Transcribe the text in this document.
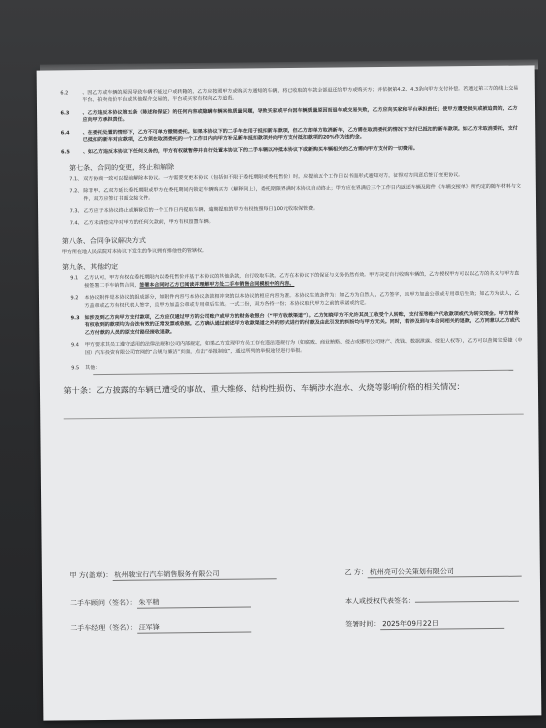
6.2	、因乙方或车辆的原因导致车辆不能过户或转籍的，乙方应按照甲方或购买方通知的车辆，将已收取的车款全部退还给甲方或购买方；并依据第4.2、4.3条向甲方支付补偿。若通过第三方的线上交易平台、拍卖竞价平台或其他媒介交易的，平台或买家有权向乙方追责。
6.3	、乙方违反本协议第五条（陈述和保证）的任何内容或隐瞒车辆其他质量问题，导致买家或平台因车辆质量原因而退车或交易失败，乙方应向买家和平台承担责任；使甲方遭受损失或被追责的，乙方应向甲方承担责任。
6.4	、在委托处置的情形下，乙方不可单方撤销委托。如果本协议下的二手车在用于抵扣新车款项，但乙方却单方取消新车，乙方需在取消委托的情况下支付已抵扣的新车款项。如乙方未取消委托，支付已抵扣的新车对应款项，乙方须在取消委托的一个工作日内向甲方补足新车抵扣款项并向甲方支付抵扣款项的20%作为违约金。
6.5	、如乙方违反本协议下任何义务的，甲方有权就暂停并自行处置本协议下的二手车辆以冲抵本协议下或新购买车辆相关的乙方需向甲方支付的一切费用。
第七条、合同的变更，终止和解除
7.1、 双方协商一致可以提前解除本协议。一方需要变更本协议（包括但不限于委托期限或委托售价）时，应提前五个工作日以书面形式通知对方，征得对方同意后签订变更协议。
7.2、 除非甲、乙双方延长委托期限或甲方在委托期间内锁定车辆购买方（解释同上），委托期限界满时本协议自动终止；甲方应在界满后三个工作日内返还车辆及附件《车辆交接单》所约定的随车材料与文件，双方应签订书面交接文件。
7.3、 乙方应于本协议终止或解除后的一个工作日内提取车辆，逾期提取的甲方有权按照每日100元收取保管费。
7.4、 乙方未清偿完毕对甲方的任何欠款前，甲方有权留置车辆。
第八条、合同争议解决方式
甲方所在地人民法院对本协议下发生的争议拥有排他性的管辖权。
第九条、其他约定
9.1	乙方认可，甲方有权在委托期限内以委托售价并基于本协议的其他条款，自行收取车款，乙方在本协议下的保证与义务仍然有效。甲方决定自行收购车辆的，乙方授权甲方可以以乙方的名义与甲方直接签署二手车销售合同，签署本合同时乙方已阅读并理解甲方处二手车销售合同模板中的内容。
9.2	本协议附件是本协议的组成部分，如附件内容与本协议条款相冲突的以本协议的相应内容为准。本协议生效条件为：如乙方为自然人，乙方签字，且甲方加盖公章或专用章后生效；如乙方为法人，乙方盖章或乙方有权代表人签字，且甲方加盖公章或专用章后生效。一式二份，双方各持一份；本协议取代甲方之前的承诺或约定。
9.3	如涉及到乙方向甲方支付款项，乙方应仅通过甲方的公司账户或甲方的财务收银台（“甲方收款渠道”）。乙方知晓甲方不允许其员工收受个人转账，支付至等账户代收款项或代为转交现金。甲方财务有权收到的款项均为合法有效的正常发票或收据。乙方确认通过前述甲方收款渠道之外的形式进行的付款及由此引发的纠纷均与甲方无关。同时，若涉及到与本合同相关的退款，乙方同意以乙方或代乙方付款的人员的原支付路径接收退款。
9.4	甲方要求其员工遵守适用的法律法规和公司内部规定，如果乙方发现甲方员工存在违法违规行为（如腐败、商业贿赂、侵占或挪用公司财产、洗钱、数据泄露、侵犯人权等），乙方可以查阅宝爱捷（中国）汽车投资有限公司官网的“合规与廉洁”页面，点击“举报制度”，通过所列的举报途径进行举报。
9.5	其他：
第十条：乙方披露的车辆已遭受的事故、重大维修、结构性损伤、车辆涉水泡水、火烧等影响价格的相关情况：
甲 方(盖章)： 杭州骏宝行汽车销售服务有限公司	乙 方： 杭州亮可公关策划有限公司
二手车顾问（签名）： 朱平精	本人或授权代表签名：
二手车经理（签名）： 汪军锋	签署时间： 2025年09月22日
